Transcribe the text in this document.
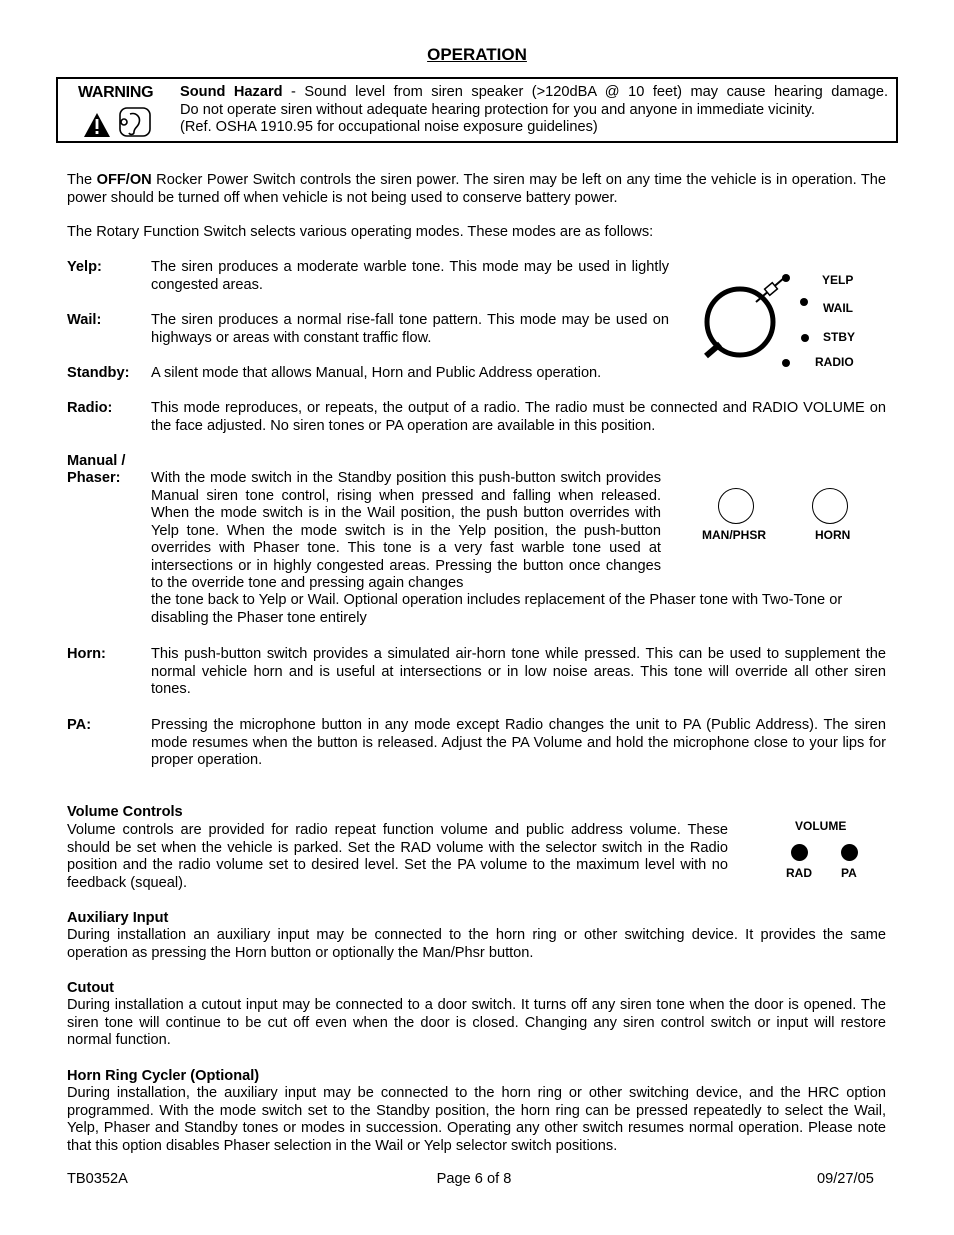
OPERATION
WARNING Sound Hazard - Sound level from siren speaker (>120dBA @ 10 feet) may cause hearing damage.
Do not operate siren without adequate hearing protection for you and anyone in immediate vicinity.
(Ref. OSHA 1910.95 for occupational noise exposure guidelines)
The OFF/ON Rocker Power Switch controls the siren power. The siren may be left on any time the vehicle is in operation. The power should be turned off when vehicle is not being used to conserve battery power.
The Rotary Function Switch selects various operating modes. These modes are as follows:
Yelp:	The siren produces a moderate warble tone. This mode may be used in lightly congested areas.
Wail:	The siren produces a normal rise-fall tone pattern. This mode may be used on highways or areas with constant traffic flow.
Standby: A silent mode that allows Manual, Horn and Public Address operation.
YELP
WAIL
STBY
RADIO
Radio:	This mode reproduces, or repeats, the output of a radio. The radio must be connected and RADIO VOLUME on the face adjusted. No siren tones or PA operation are available in this position.
Manual /
Phaser: With the mode switch in the Standby position this push-button switch provides Manual siren tone control, rising when pressed and falling when released. When the mode switch is in the Wail position, the push button overrides with Yelp tone. When the mode switch is in the Yelp position, the push-button overrides with Phaser tone. This tone is a very fast warble tone used at intersections or in highly congested areas. Pressing the button once changes to the override tone and pressing again changes
the tone back to Yelp or Wail. Optional operation includes replacement of the Phaser tone with Two-Tone or disabling the Phaser tone entirely
MAN/PHSR	HORN
Horn:	This push-button switch provides a simulated air-horn tone while pressed. This can be used to supplement the normal vehicle horn and is useful at intersections or in low noise areas. This tone will override all other siren tones.
PA:	Pressing the microphone button in any mode except Radio changes the unit to PA (Public Address). The siren mode resumes when the button is released. Adjust the PA Volume and hold the microphone close to your lips for proper operation.
Volume Controls
Volume controls are provided for radio repeat function volume and public address volume. These should be set when the vehicle is parked. Set the RAD volume with the selector switch in the Radio position and the radio volume set to desired level. Set the PA volume to the maximum level with no feedback (squeal).
VOLUME
RAD PA
Auxiliary Input
During installation an auxiliary input may be connected to the horn ring or other switching device. It provides the same operation as pressing the Horn button or optionally the Man/Phsr button.
Cutout
During installation a cutout input may be connected to a door switch. It turns off any siren tone when the door is opened. The siren tone will continue to be cut off even when the door is closed. Changing any siren control switch or input will restore normal function.
Horn Ring Cycler (Optional)
During installation, the auxiliary input may be connected to the horn ring or other switching device, and the HRC option programmed. With the mode switch set to the Standby position, the horn ring can be pressed repeatedly to select the Wail, Yelp, Phaser and Standby tones or modes in succession. Operating any other switch resumes normal operation. Please note that this option disables Phaser selection in the Wail or Yelp selector switch positions.
TB0352A	Page 6 of 8	09/27/05
